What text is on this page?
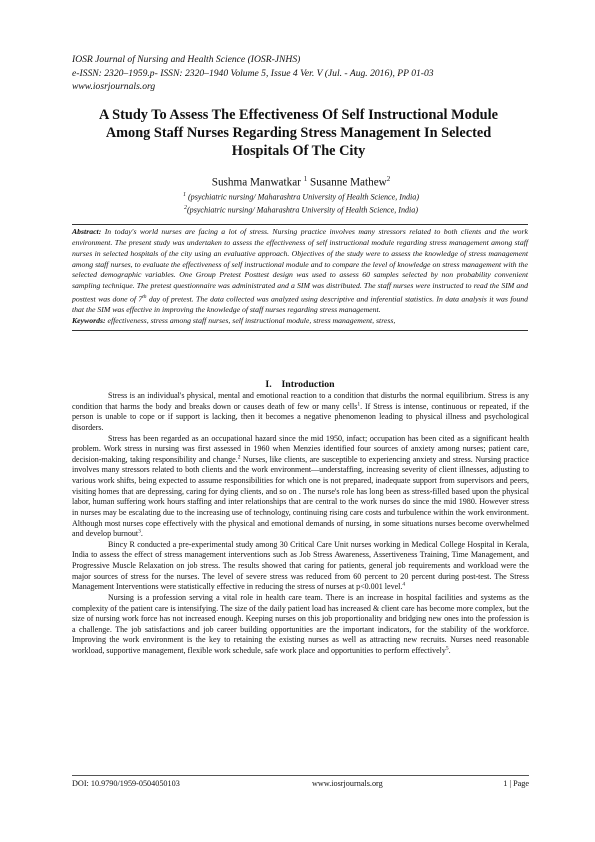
IOSR Journal of Nursing and Health Science (IOSR-JNHS)
e-ISSN: 2320–1959.p- ISSN: 2320–1940 Volume 5, Issue 4 Ver. V (Jul. - Aug. 2016), PP 01-03
www.iosrjournals.org
A Study To Assess The Effectiveness Of Self Instructional Module
Among Staff Nurses Regarding Stress Management In Selected
Hospitals Of The City
Sushma Manwatkar $^1$ Susanne Mathew$^2$
$^1$ (psychiatric nursing/ Maharashtra University of Health Science, India)
$^2$(psychiatric nursing/ Maharashtra University of Health Science, India)
Abstract: In today's world nurses are facing a lot of stress. Nursing practice involves many stressors related to both clients and the work environment. The present study was undertaken to assess the effectiveness of self instructional module regarding stress management among staff nurses in selected hospitals of the city using an evaluative approach. Objectives of the study were to assess the knowledge of stress management among staff nurses, to evaluate the effectiveness of self instructional module and to compare the level of knowledge on stress management with the selected demographic variables. One Group Pretest Posttest design was used to assess 60 samples selected by non probability convenient sampling technique. The pretest questionnaire was administrated and a SIM was distributed. The staff nurses were instructed to read the SIM and posttest was done of 7th day of pretest. The data collected was analyzed using descriptive and inferential statistics. In data analysis it was found that the SIM was effective in improving the knowledge of staff nurses regarding stress management.
Keywords: effectiveness, stress among staff nurses, self instructional module, stress management, stress,
I. Introduction

Stress is an individual's physical, mental and emotional reaction to a condition that disturbs the normal equilibrium. Stress is any condition that harms the body and breaks down or causes death of few or many cells$^1$. If Stress is intense, continuous or repeated, if the person is unable to cope or if support is lacking, then it becomes a negative phenomenon leading to physical illness and psychological disorders.

Stress has been regarded as an occupational hazard since the mid 1950, infact; occupation has been cited as a significant health problem. Work stress in nursing was first assessed in 1960 when Menzies identified four sources of anxiety among nurses; patient care, decision-making, taking responsibility and change.$^2$ Nurses, like clients, are susceptible to experiencing anxiety and stress. Nursing practice involves many stressors related to both clients and the work environment—understaffing, increasing severity of client illnesses, adjusting to various work shifts, being expected to assume responsibilities for which one is not prepared, inadequate support from supervisors and peers, visiting homes that are depressing, caring for dying clients, and so on . The nurse's role has long been as stress-filled based upon the physical labor, human suffering work hours staffing and inter relationships that are central to the work nurses do since the mid 1980. However stress in nurses may be escalating due to the increasing use of technology, continuing rising care costs and turbulence within the work environment. Although most nurses cope effectively with the physical and emotional demands of nursing, in some situations nurses become overwhelmed and develop burnout$^3$.

Bincy R conducted a pre-experimental study among 30 Critical Care Unit nurses working in Medical College Hospital in Kerala, India to assess the effect of stress management interventions such as Job Stress Awareness, Assertiveness Training, Time Management, and Progressive Muscle Relaxation on job stress. The results showed that caring for patients, general job requirements and workload were the major sources of stress for the nurses. The level of severe stress was reduced from 60 percent to 20 percent during post-test. The Stress Management Interventions were statistically effective in reducing the stress of nurses at p<0.001 level.$^4$

Nursing is a profession serving a vital role in health care team. There is an increase in hospital facilities and systems as the complexity of the patient care is intensifying. The size of the daily patient load has increased & client care has become more complex, but the size of nursing work force has not increased enough. Keeping nurses on this job proportionality and bridging new ones into the profession is a challenge. The job satisfactions and job career building opportunities are the important indicators, for the stability of the workforce. Improving the work environment is the key to retaining the existing nurses as well as attracting new recruits. Nurses need reasonable workload, supportive management, flexible work schedule, safe work place and opportunities to perform effectively$^5$.

DOI: 10.9790/1959-0504050103	www.iosrjournals.org	1 | Page
